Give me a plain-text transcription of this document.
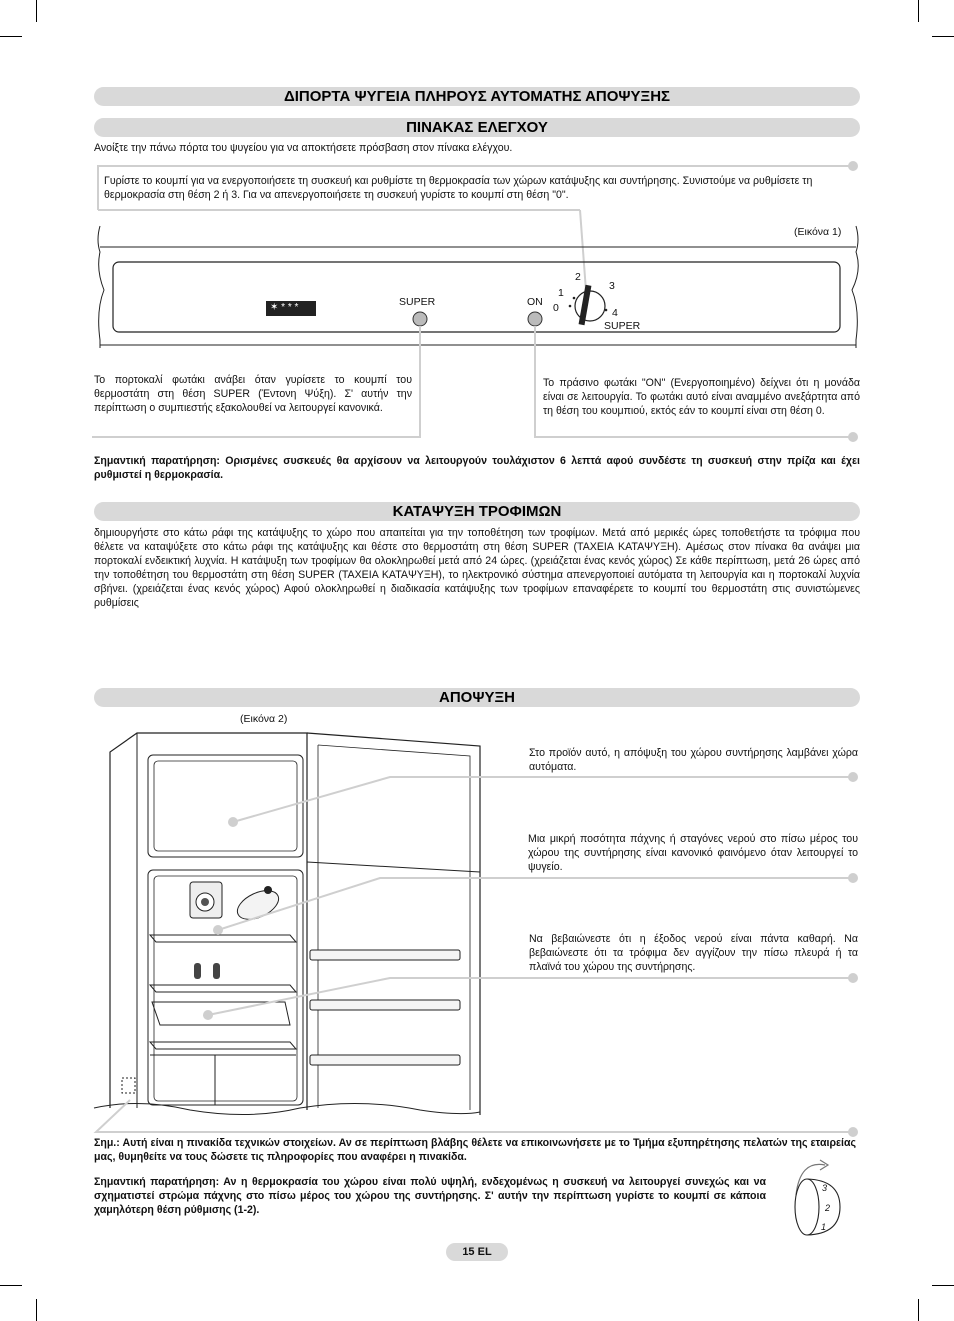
ΔΙΠΟΡΤΑ ΨΥΓΕΙΑ ΠΛΗΡΟΥΣ ΑΥΤΟΜΑΤΗΣ ΑΠΟΨΥΞΗΣ
ΠΙΝΑΚΑΣ ΕΛΕΓΧΟΥ
Ανοίξτε την πάνω πόρτα του ψυγείου για να αποκτήσετε πρόσβαση στον πίνακα ελέγχου.
Γυρίστε το κουμπί για να ενεργοποιήσετε τη συσκευή και ρυθμίστε τη θερμοκρασία των χώρων κατάψυξης και συντήρησης. Συνιστούμε να ρυθμίσετε τη θερμοκρασία στη θέση 2 ή 3. Για να απενεργοποιήσετε τη συσκευή γυρίστε το κουμπί στη θέση "0".
(Εικόνα 1)
✶ * * *	SUPER	ON 0
1
2
3
4
SUPER
Το πορτοκαλί φωτάκι ανάβει όταν γυρίσετε το κουμπί του θερμοστάτη στη θέση SUPER (Έντονη Ψύξη). Σ' αυτήν την περίπτωση ο συμπιεστής εξακολουθεί να λειτουργεί κανονικά.
Το πράσινο φωτάκι "ON" (Ενεργοποιημένο) δείχνει ότι η μονάδα είναι σε λειτουργία. Το φωτάκι αυτό είναι αναμμένο ανεξάρτητα από τη θέση του κουμπιού, εκτός εάν το κουμπί είναι στη θέση 0.
Σημαντική παρατήρηση: Ορισμένες συσκευές θα αρχίσουν να λειτουργούν τουλάχιστον 6 λεπτά αφού συνδέστε τη συσκευή στην πρίζα και έχει ρυθμιστεί η θερμοκρασία.
ΚΑΤΑΨΥΞΗ ΤΡΟΦΙΜΩΝ
δημιουργήστε στο κάτω ράφι της κατάψυξης το χώρο που απαιτείται για την τοποθέτηση των τροφίμων. Μετά από μερικές ώρες τοποθετήστε τα τρόφιμα που θέλετε να καταψύξετε στο κάτω ράφι της κατάψυξης και θέστε στο θερμοστάτη στη θέση SUPER (ΤΑΧΕΙΑ ΚΑΤΑΨΥΞΗ). Αμέσως στον πίνακα θα ανάψει μια πορτοκαλί ενδεικτική λυχνία. Η κατάψυξη των τροφίμων θα ολοκληρωθεί μετά από 24 ώρες. (χρειάζεται ένας κενός χώρος) Σε κάθε περίπτωση, μετά 26 ώρες από την τοποθέτηση του θερμοστάτη στη θέση SUPER (ΤΑΧΕΙΑ ΚΑΤΑΨΥΞΗ), το ηλεκτρονικό σύστημα απενεργοποιεί αυτόματα τη λειτουργία και η πορτοκαλί λυχνία σβήνει. (χρειάζεται ένας κενός χώρος) Αφού ολοκληρωθεί η διαδικασία κατάψυξης των τροφίμων επαναφέρετε το κουμπί του θερμοστάτη στις συνιστώμενες ρυθμίσεις
ΑΠΟΨΥΞΗ
(Εικόνα 2)
Στο προϊόν αυτό, η απόψυξη του χώρου συντήρησης λαμβάνει χώρα αυτόματα.
Μια μικρή ποσότητα πάχνης ή σταγόνες νερού στο πίσω μέρος του χώρου της συντήρησης είναι κανονικό φαινόμενο όταν λειτουργεί το ψυγείο.
Να βεβαιώνεστε ότι η έξοδος νερού είναι πάντα καθαρή. Να βεβαιώνεστε ότι τα τρόφιμα δεν αγγίζουν την πίσω πλευρά ή τα πλαϊνά του χώρου της συντήρησης.
Σημ.: Αυτή είναι η πινακίδα τεχνικών στοιχείων. Αν σε περίπτωση βλάβης θέλετε να επικοινωνήσετε με το Τμήμα εξυπηρέτησης πελατών της εταιρείας μας, θυμηθείτε να τους δώσετε τις πληροφορίες που αναφέρει η πινακίδα.
Σημαντική παρατήρηση: Αν η θερμοκρασία του χώρου είναι πολύ υψηλή, ενδεχομένως η συσκευή να λειτουργεί συνεχώς και να σχηματιστεί στρώμα πάχνης στο πίσω μέρος του χώρου της συντήρησης. Σ' αυτήν την περίπτωση γυρίστε το κουμπί σε κάποια χαμηλότερη θέση ρύθμισης (1-2).
3
2
1
15 EL
